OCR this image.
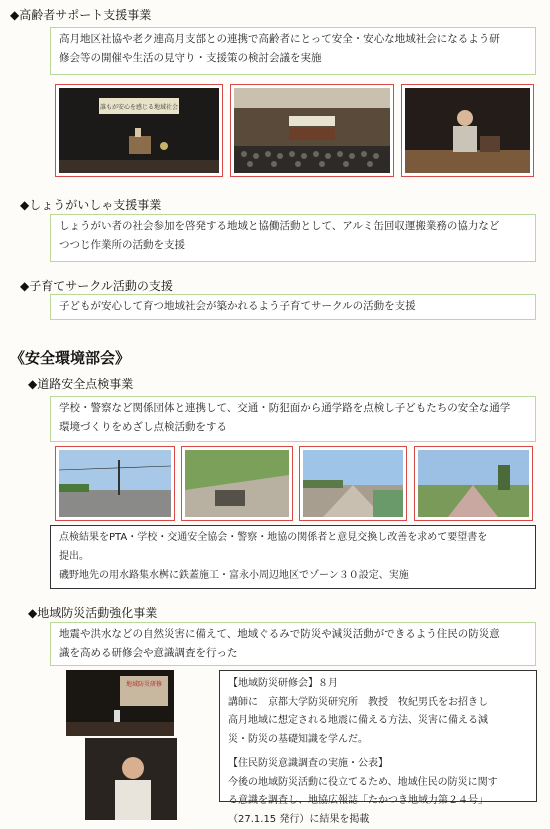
◆高齢者サポート支援事業
高月地区社協や老ク連高月支部との連携で高齢者にとって安全・安心な地域社会になるよう研
修会等の開催や生活の見守り・支援策の検討会議を実施
誰もが安心を感じる地域社会
◆しょうがいしゃ支援事業
しょうがい者の社会参加を啓発する地域と協働活動として、アルミ缶回収運搬業務の協力など
つつじ作業所の活動を支援
◆子育てサークル活動の支援
子どもが安心して育つ地域社会が築かれるよう子育てサークルの活動を支援
《安全環境部会》
◆道路安全点検事業
学校・警察など関係団体と連携して、交通・防犯面から通学路を点検し子どもたちの安全な通学
環境づくりをめざし点検活動をする
点検結果をPTA・学校・交通安全協会・警察・地協の関係者と意見交換し改善を求めて要望書を
提出。
磯野地先の用水路集水桝に鉄蓋施工・富永小周辺地区でゾーン３０設定、実施
◆地域防災活動強化事業
地震や洪水などの自然災害に備えて、地域ぐるみで防災や減災活動ができるよう住民の防災意
識を高める研修会や意識調査を行った
地域防災研修	【地域防災研修会】８月
講師に　京都大学防災研究所　教授　牧紀男氏をお招きし
高月地域に想定される地震に備える方法、災害に備える減
災・防災の基礎知識を学んだ。
【住民防災意識調査の実施・公表】
今後の地域防災活動に役立てるため、地域住民の防災に関す
る意識を調査し、地協広報誌「たかつき地域力第２４号」
（27.1.15 発行）に結果を掲載
